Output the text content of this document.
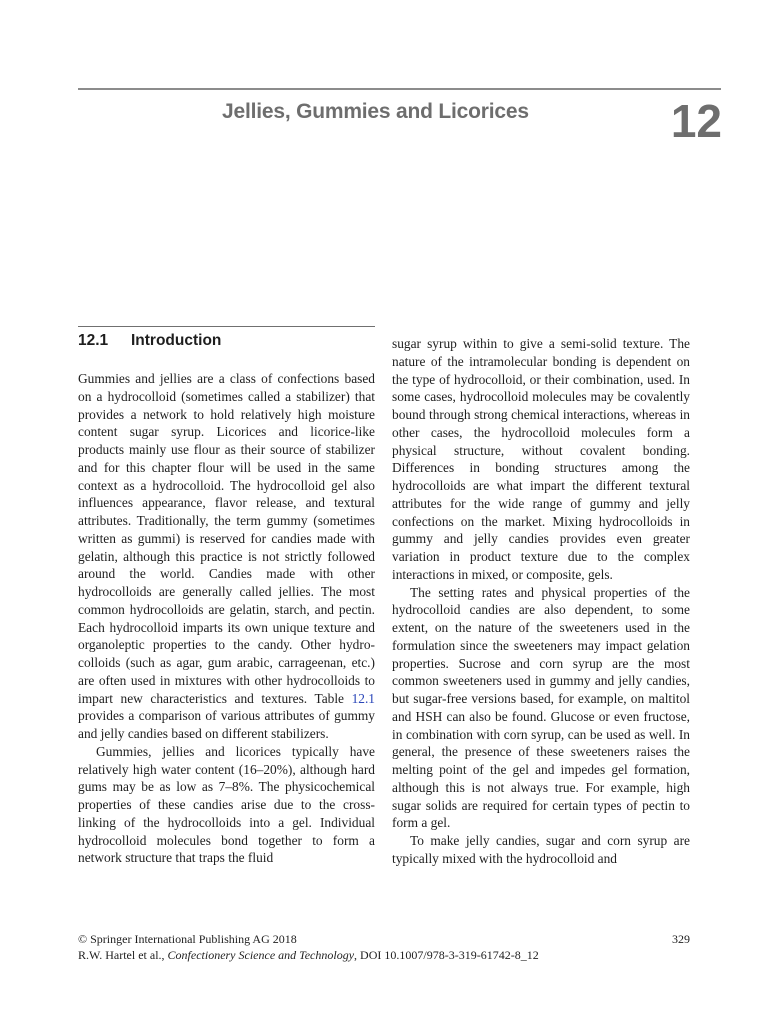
Jellies, Gummies and Licorices	12
12.1 Introduction

Gummies and jellies are a class of confections based on a hydrocolloid (sometimes called a stabilizer) that provides a network to hold relatively high moisture content sugar syrup. Licorices and licorice-like products mainly use flour as their source of stabilizer and for this chapter flour will be used in the same context as a hydrocolloid. The hydrocolloid gel also influences appearance, flavor release, and textural attributes. Traditionally, the term gummy (sometimes written as gummi) is reserved for candies made with gelatin, although this practice is not strictly followed around the world. Candies made with other hydrocolloids are generally called jellies. The most common hydrocolloids are gelatin, starch, and pectin. Each hydrocolloid imparts its own unique texture and organoleptic properties to the candy. Other hydrocolloids (such as agar, gum arabic, carrageenan, etc.) are often used in mixtures with other hydrocolloids to impart new characteristics and textures. Table 12.1 provides a comparison of various attributes of gummy and jelly candies based on different stabilizers.

Gummies, jellies and licorices typically have relatively high water content (16–20%), although hard gums may be as low as 7–8%. The physicochemical properties of these candies arise due to the cross-linking of the hydrocolloids into a gel. Individual hydrocolloid molecules bond together to form a network structure that traps the fluid

sugar syrup within to give a semi-solid texture. The nature of the intramolecular bonding is dependent on the type of hydrocolloid, or their combination, used. In some cases, hydrocolloid molecules may be covalently bound through strong chemical interactions, whereas in other cases, the hydrocolloid molecules form a physical structure, without covalent bonding. Differences in bonding structures among the hydrocolloids are what impart the different textural attributes for the wide range of gummy and jelly confections on the market. Mixing hydrocolloids in gummy and jelly candies provides even greater variation in product texture due to the complex interactions in mixed, or composite, gels.

The setting rates and physical properties of the hydrocolloid candies are also dependent, to some extent, on the nature of the sweeteners used in the formulation since the sweeteners may impact gelation properties. Sucrose and corn syrup are the most common sweeteners used in gummy and jelly candies, but sugar-free versions based, for example, on maltitol and HSH can also be found. Glucose or even fructose, in combination with corn syrup, can be used as well. In general, the presence of these sweeteners raises the melting point of the gel and impedes gel formation, although this is not always true. For example, high sugar solids are required for certain types of pectin to form a gel.

To make jelly candies, sugar and corn syrup are typically mixed with the hydrocolloid and

© Springer International Publishing AG 2018	329
R.W. Hartel et al., Confectionery Science and Technology, DOI 10.1007/978-3-319-61742-8_12
